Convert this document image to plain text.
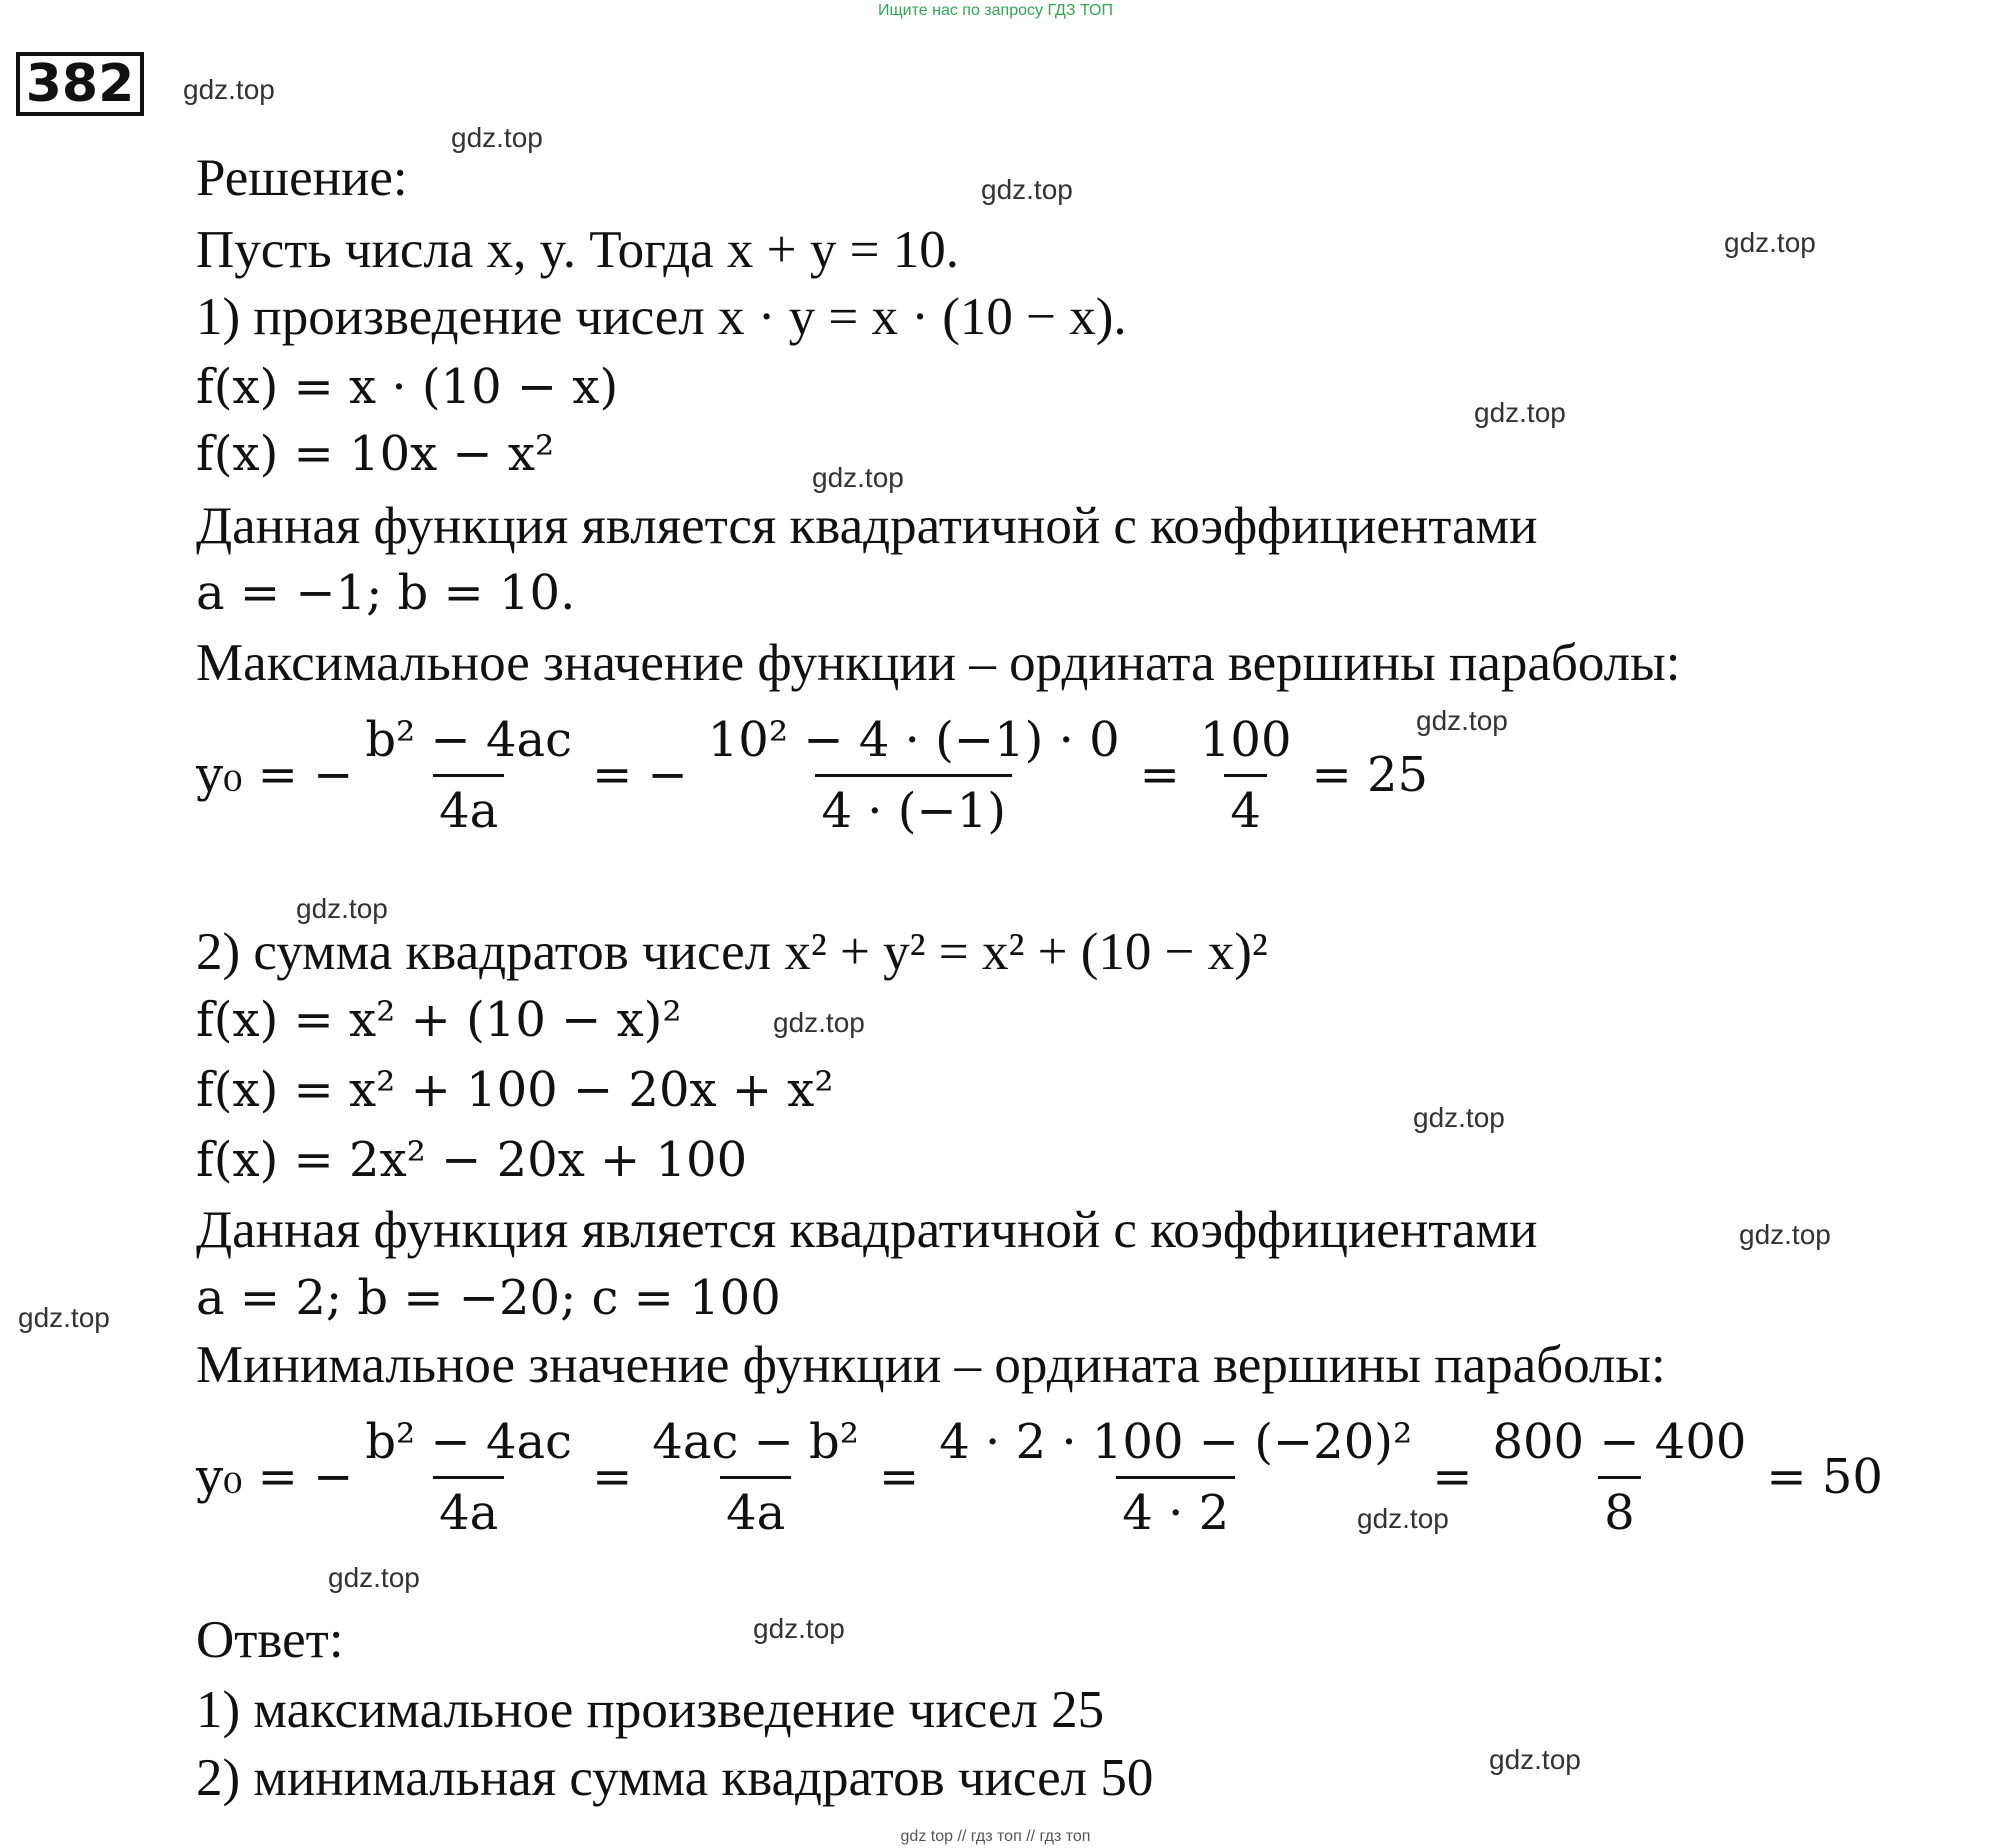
Ищите нас по запросу ГДЗ ТОП
382	gdz.top
gdz.top
gdz.top
gdz.top
gdz.top
gdz.top
gdz.top
gdz.top
gdz.top
gdz.top
gdz.top
gdz.top
gdz.top
gdz.top
gdz.top
gdz.top
Решение:
Пусть числа x, y. Тогда x + y = 10.
1) произведение чисел x · y = x · (10 − x).
f(x) = x · (10 − x)
f(x) = 10x − x²
Данная функция является квадратичной с коэффициентами
a = −1; b = 10.
Максимальное значение функции – ордината вершины параболы:
y₀ = − $\frac{\text{b² − 4ac}}{4a}$ = − $\frac{\text{10² − 4 · (−1) · 0}}{4 \cdot (-1)} = \frac{100}{4} = 25$
2) сумма квадратов чисел x² + y² = x² + (10 − x)²
f(x) = x² + (10 − x)²
f(x) = x² + 100 − 20x + x²
f(x) = 2x² − 20x + 100
Данная функция является квадратичной с коэффициентами
a = 2; b = −20; c = 100
Минимальное значение функции – ордината вершины параболы:
y₀ = − $\frac{\text{b² − 4ac}}{4a} = \frac{\text{4ac − b²}}{4a} = \frac{\text{4 · 2 · 100 − (−20)²}}{4 \cdot 2} = \frac{800 - 400}{8} = 50$
Ответ:
1) максимальное произведение чисел 25
2) минимальная сумма квадратов чисел 50
gdz top // гдз топ // гдз топ
